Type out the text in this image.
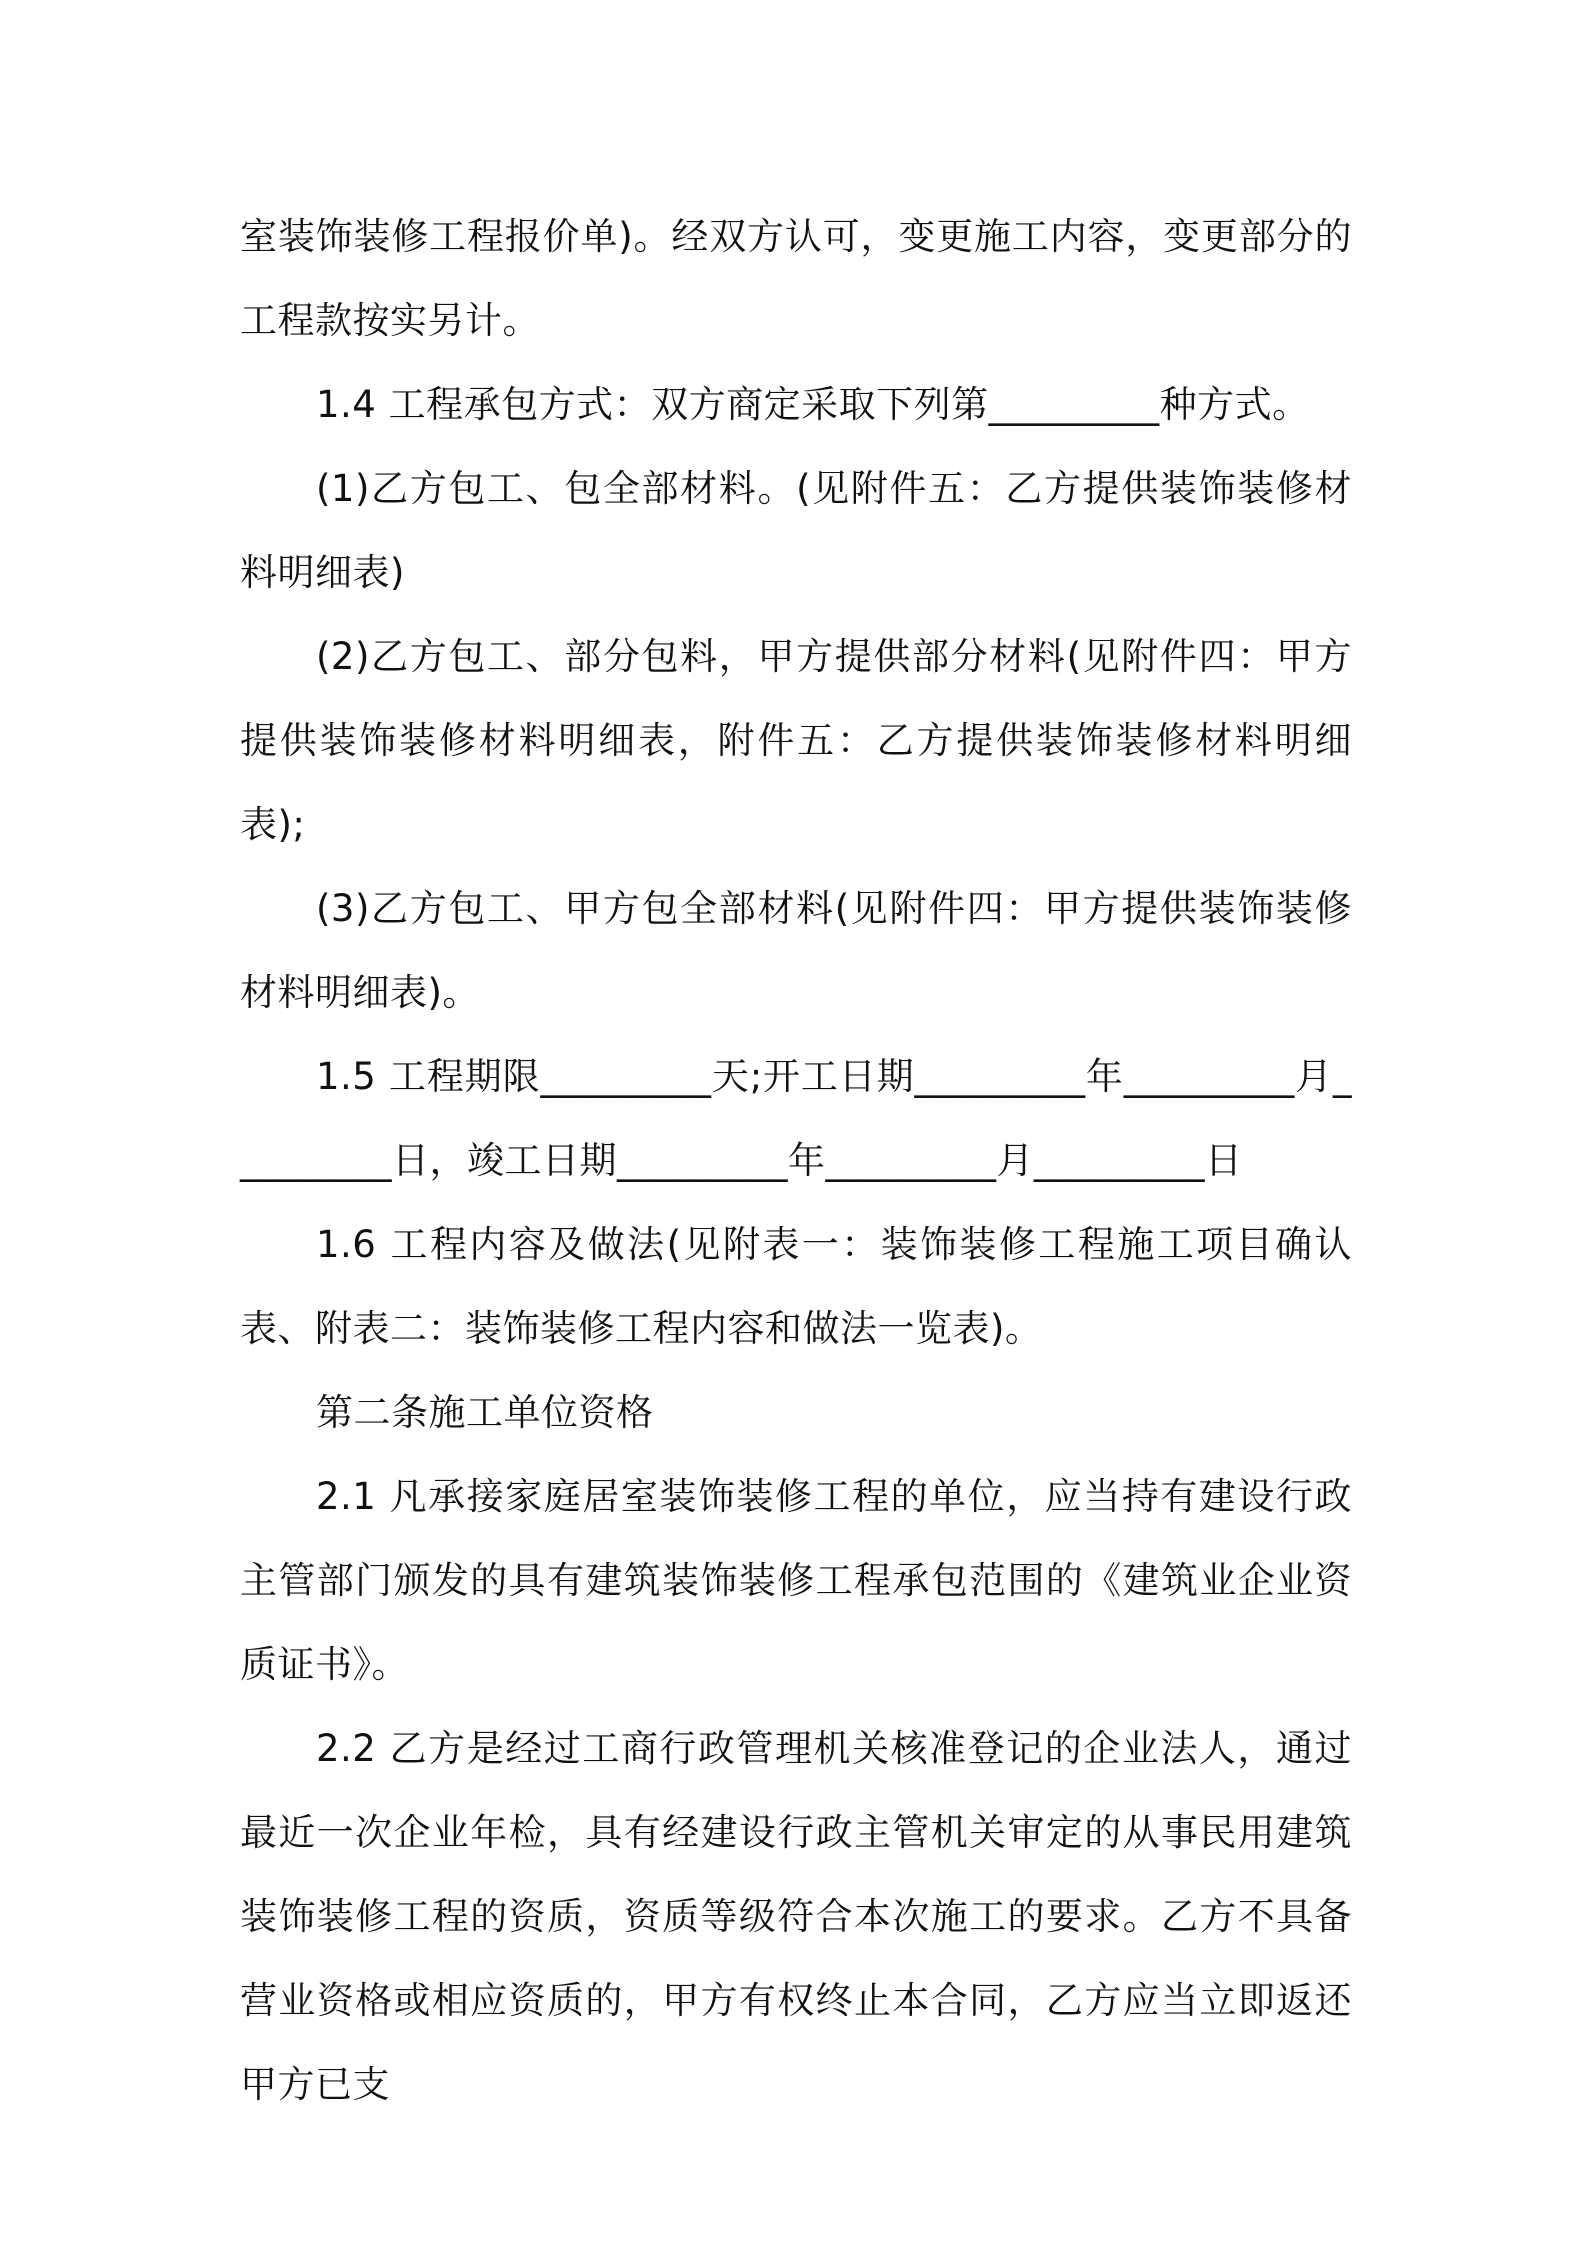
室装饰装修工程报价单)。经双方认可，变更施工内容，变更部分的工程款按实另计。

1.4 工程承包方式：双方商定采取下列第_________种方式。

(1)乙方包工、包全部材料。(见附件五：乙方提供装饰装修材料明细表)

(2)乙方包工、部分包料，甲方提供部分材料(见附件四：甲方提供装饰装修材料明细表，附件五：乙方提供装饰装修材料明细表);

(3)乙方包工、甲方包全部材料(见附件四：甲方提供装饰装修材料明细表)。

1.5 工程期限_________天;开工日期_________年_________月_________日，竣工日期_________年_________月_________日

1.6 工程内容及做法(见附表一：装饰装修工程施工项目确认表、附表二：装饰装修工程内容和做法一览表)。

第二条施工单位资格

2.1 凡承接家庭居室装饰装修工程的单位，应当持有建设行政主管部门颁发的具有建筑装饰装修工程承包范围的《建筑业企业资质证书》。

2.2 乙方是经过工商行政管理机关核准登记的企业法人，通过最近一次企业年检，具有经建设行政主管机关审定的从事民用建筑装饰装修工程的资质，资质等级符合本次施工的要求。乙方不具备营业资格或相应资质的，甲方有权终止本合同，乙方应当立即返还甲方已支
